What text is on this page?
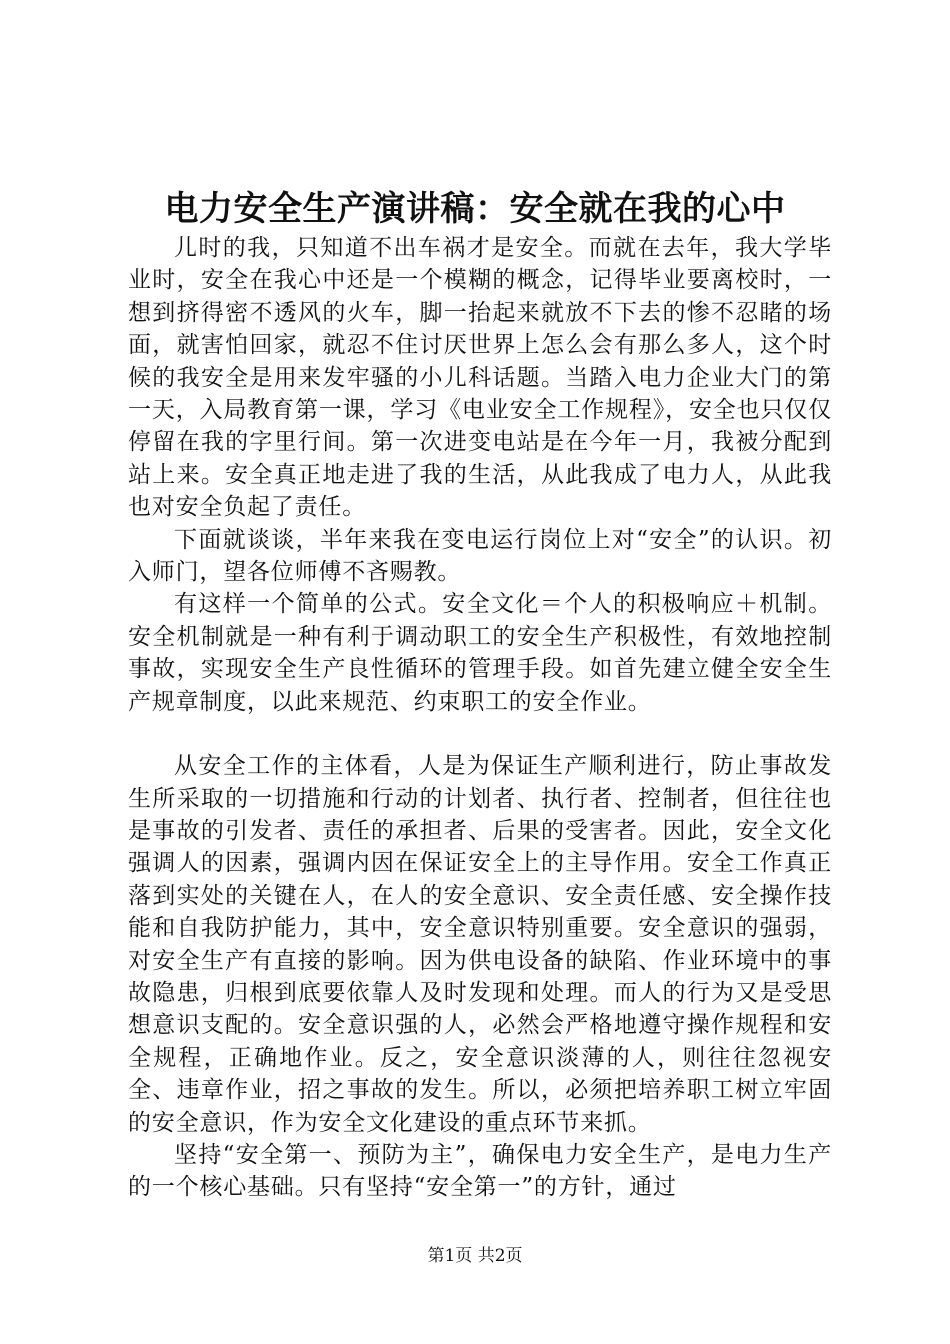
电力安全生产演讲稿：安全就在我的心中

儿时的我，只知道不出车祸才是安全。而就在去年，我大学毕业时，安全在我心中还是一个模糊的概念，记得毕业要离校时，一想到挤得密不透风的火车，脚一抬起来就放不下去的惨不忍睹的场面，就害怕回家，就忍不住讨厌世界上怎么会有那么多人，这个时候的我安全是用来发牢骚的小儿科话题。当踏入电力企业大门的第一天，入局教育第一课，学习《电业安全工作规程》，安全也只仅仅停留在我的字里行间。第一次进变电站是在今年一月，我被分配到站上来。安全真正地走进了我的生活，从此我成了电力人，从此我也对安全负起了责任。

下面就谈谈，半年来我在变电运行岗位上对“安全”的认识。初入师门，望各位师傅不吝赐教。

有这样一个简单的公式。安全文化＝个人的积极响应＋机制。安全机制就是一种有利于调动职工的安全生产积极性，有效地控制事故，实现安全生产良性循环的管理手段。如首先建立健全安全生产规章制度，以此来规范、约束职工的安全作业。

从安全工作的主体看，人是为保证生产顺利进行，防止事故发生所采取的一切措施和行动的计划者、执行者、控制者，但往往也是事故的引发者、责任的承担者、后果的受害者。因此，安全文化强调人的因素，强调内因在保证安全上的主导作用。安全工作真正落到实处的关键在人，在人的安全意识、安全责任感、安全操作技能和自我防护能力，其中，安全意识特别重要。安全意识的强弱，对安全生产有直接的影响。因为供电设备的缺陷、作业环境中的事故隐患，归根到底要依靠人及时发现和处理。而人的行为又是受思想意识支配的。安全意识强的人，必然会严格地遵守操作规程和安全规程，正确地作业。反之，安全意识淡薄的人，则往往忽视安全、违章作业，招之事故的发生。所以，必须把培养职工树立牢固的安全意识，作为安全文化建设的重点环节来抓。

坚持“安全第一、预防为主”，确保电力安全生产，是电力生产的一个核心基础。只有坚持“安全第一”的方针，通过

第1页 共2页
